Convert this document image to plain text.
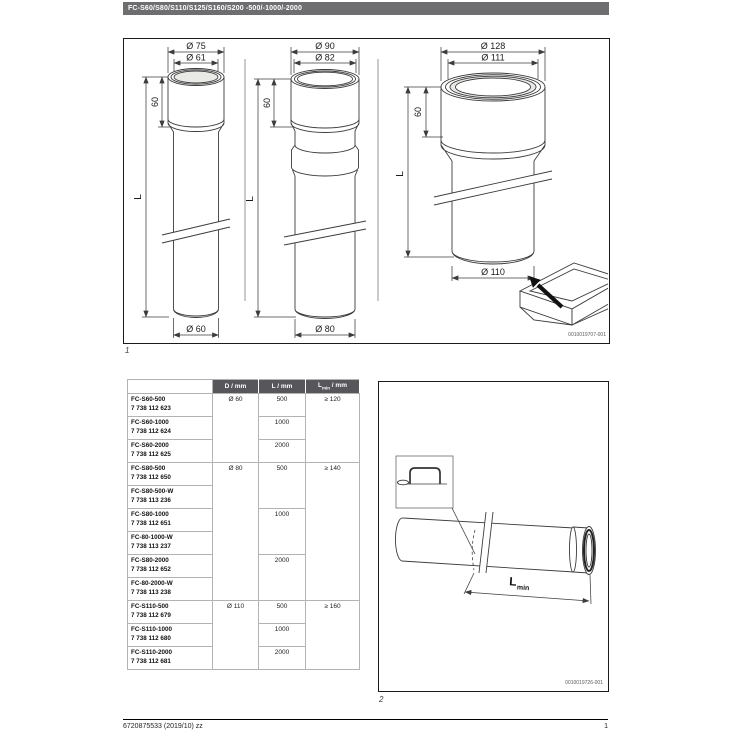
FC-S60/S80/S110/S125/S160/S200 -500/-1000/-2000
Ø 75
Ø 61
Ø 60
60
L
Ø 90
Ø 82
Ø 80
60
L
Ø 128
Ø 111
Ø 110
60
L
0010019707-001
1
	D / mm	L / mm	$L_{min}$ / mm

FC-S60-500
7 738 112 623	Ø 60	500	≥ 120

FC-S60-1000
7 738 112 624		1000	

FC-S60-2000
7 738 112 625		2000	

FC-S80-500
7 738 112 650	Ø 80	500	≥ 140

FC-S80-500-W
7 738 113 236			

FC-S80-1000
7 738 112 651		1000	

FC-80-1000-W
7 738 113 237			

FC-S80-2000
7 738 112 652		2000	

FC-80-2000-W
7 738 113 238			

FC-S110-500
7 738 112 679	Ø 110	500	≥ 160

FC-S110-1000
7 738 112 680		1000	

FC-S110-2000
7 738 112 681		2000	
L min
0010019726-001
2
6720875533 (2019/10) zz	1
